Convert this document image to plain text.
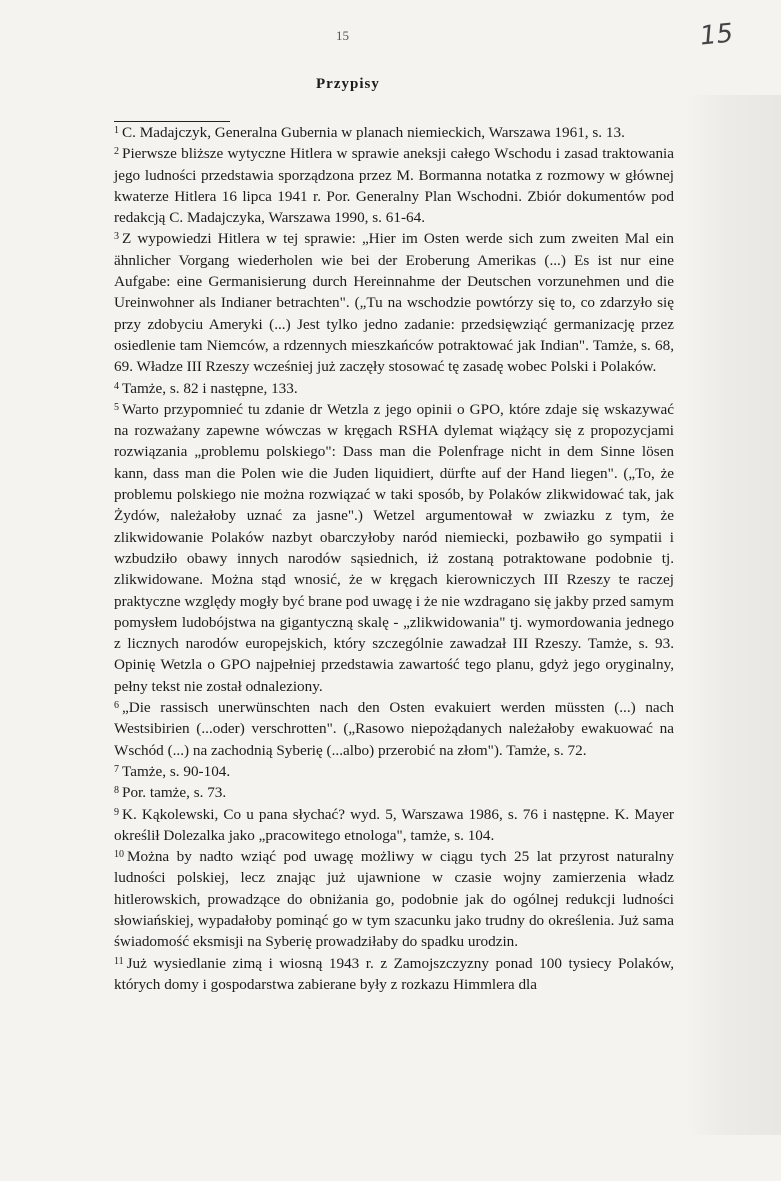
15	15
Przypisy

$^1$ C. Madajczyk, Generalna Gubernia w planach niemieckich, Warszawa 1961, s. 13.

$^2$ Pierwsze bliższe wytyczne Hitlera w sprawie aneksji całego Wschodu i zasad traktowania jego ludności przedstawia sporządzona przez M. Bormanna notatka z rozmowy w głównej kwaterze Hitlera 16 lipca 1941 r. Por. Generalny Plan Wschodni. Zbiór dokumentów pod redakcją C. Madajczyka, Warszawa 1990, s. 61-64.

$^3$ Z wypowiedzi Hitlera w tej sprawie: „Hier im Osten werde sich zum zweiten Mal ein ähnlicher Vorgang wiederholen wie bei der Eroberung Amerikas (...) Es ist nur eine Aufgabe: eine Germanisierung durch Hereinnahme der Deutschen vorzunehmen und die Ureinwohner als Indianer betrachten". („Tu na wschodzie powtórzy się to, co zdarzyło się przy zdobyciu Ameryki (...) Jest tylko jedno zadanie: przedsięwziąć germanizację przez osiedlenie tam Niemców, a rdzennych mieszkańców potraktować jak Indian". Tamże, s. 68, 69. Władze III Rzeszy wcześniej już zaczęły stosować tę zasadę wobec Polski i Polaków.

$^4$ Tamże, s. 82 i następne, 133.

$^5$ Warto przypomnieć tu zdanie dr Wetzla z jego opinii o GPO, które zdaje się wskazywać na rozważany zapewne wówczas w kręgach RSHA dylemat wiążący się z propozycjami rozwiązania „problemu polskiego": Dass man die Polenfrage nicht in dem Sinne lösen kann, dass man die Polen wie die Juden liquidiert, dürfte auf der Hand liegen". („To, że problemu polskiego nie można rozwiązać w taki sposób, by Polaków zlikwidować tak, jak Żydów, należałoby uznać za jasne".) Wetzel argumentował w zwiazku z tym, że zlikwidowanie Polaków nazbyt obarczyłoby naród niemiecki, pozbawiło go sympatii i wzbudziło obawy innych narodów sąsiednich, iż zostaną potraktowane podobnie tj. zlikwidowane. Można stąd wnosić, że w kręgach kierowniczych III Rzeszy te raczej praktyczne względy mogły być brane pod uwagę i że nie wzdragano się jakby przed samym pomysłem ludobójstwa na gigantyczną skalę - „zlikwidowania" tj. wymordowania jednego z licznych narodów europejskich, który szczególnie zawadzał III Rzeszy. Tamże, s. 93. Opinię Wetzla o GPO najpełniej przedstawia zawartość tego planu, gdyż jego oryginalny, pełny tekst nie został odnaleziony.

$^6$ „Die rassisch unerwünschten nach den Osten evakuiert werden müssten (...) nach Westsibirien (...oder) verschrotten". („Rasowo niepożądanych należałoby ewakuować na Wschód (...) na zachodnią Syberię (...albo) przerobić na złom"). Tamże, s. 72.

$^7$ Tamże, s. 90-104.

$^8$ Por. tamże, s. 73.

$^9$ K. Kąkolewski, Co u pana słychać? wyd. 5, Warszawa 1986, s. 76 i następne. K. Mayer określił Dolezalka jako „pracowitego etnologa", tamże, s. 104.

$^{10}$ Można by nadto wziąć pod uwagę możliwy w ciągu tych 25 lat przyrost naturalny ludności polskiej, lecz znając już ujawnione w czasie wojny zamierzenia władz hitlerowskich, prowadzące do obniżania go, podobnie jak do ogólnej redukcji ludności słowiańskiej, wypadałoby pominąć go w tym szacunku jako trudny do określenia. Już sama świadomość eksmisji na Syberię prowadziłaby do spadku urodzin.

$^{11}$ Już wysiedlanie zimą i wiosną 1943 r. z Zamojszczyzny ponad 100 tysiecy Polaków, których domy i gospodarstwa zabierane były z rozkazu Himmlera dla
